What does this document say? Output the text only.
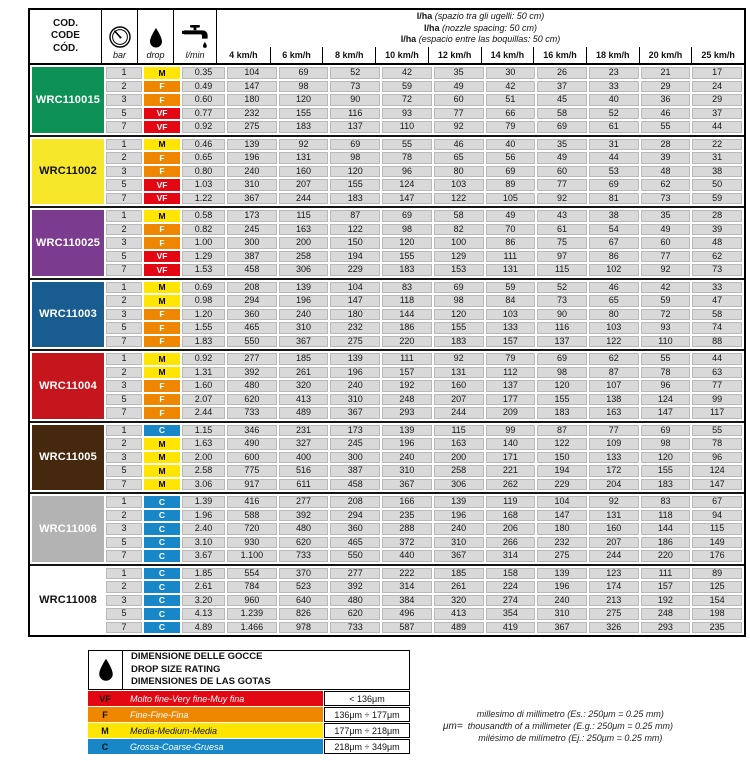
COD.
CODE
CÓD.
bar drop l/min
l/ha (spazio tra gli ugelli: 50 cm)
l/ha (nozzle spacing: 50 cm)
l/ha (espacio entre las boquillas: 50 cm)
4 km/h	6 km/h	8 km/h	10 km/h	12 km/h	14 km/h	16 km/h	18 km/h	20 km/h	25 km/h
WRC110015
1	M	0.35	104	69	52	42	35	30	26	23	21	17
2	F	0.49	147	98	73	59	49	42	37	33	29	24
3	F	0.60	180	120	90	72	60	51	45	40	36	29
5	VF	0.77	232	155	116	93	77	66	58	52	46	37
7	VF	0.92	275	183	137	110	92	79	69	61	55	44
WRC11002
1	M	0.46	139	92	69	55	46	40	35	31	28	22
2	F	0.65	196	131	98	78	65	56	49	44	39	31
3	F	0.80	240	160	120	96	80	69	60	53	48	38
5	VF	1.03	310	207	155	124	103	89	77	69	62	50
7	VF	1.22	367	244	183	147	122	105	92	81	73	59
WRC110025
1	M	0.58	173	115	87	69	58	49	43	38	35	28
2	F	0.82	245	163	122	98	82	70	61	54	49	39
3	F	1.00	300	200	150	120	100	86	75	67	60	48
5	VF	1.29	387	258	194	155	129	111	97	86	77	62
7	VF	1.53	458	306	229	183	153	131	115	102	92	73
WRC11003
1	M	0.69	208	139	104	83	69	59	52	46	42	33
2	M	0.98	294	196	147	118	98	84	73	65	59	47
3	F	1.20	360	240	180	144	120	103	90	80	72	58
5	F	1.55	465	310	232	186	155	133	116	103	93	74
7	F	1.83	550	367	275	220	183	157	137	122	110	88
WRC11004
1	M	0.92	277	185	139	111	92	79	69	62	55	44
2	M	1.31	392	261	196	157	131	112	98	87	78	63
3	F	1.60	480	320	240	192	160	137	120	107	96	77
5	F	2.07	620	413	310	248	207	177	155	138	124	99
7	F	2.44	733	489	367	293	244	209	183	163	147	117
WRC11005
1	C	1.15	346	231	173	139	115	99	87	77	69	55
2	M	1.63	490	327	245	196	163	140	122	109	98	78
3	M	2.00	600	400	300	240	200	171	150	133	120	96
5	M	2.58	775	516	387	310	258	221	194	172	155	124
7	M	3.06	917	611	458	367	306	262	229	204	183	147
WRC11006
1	C	1.39	416	277	208	166	139	119	104	92	83	67
2	C	1.96	588	392	294	235	196	168	147	131	118	94
3	C	2.40	720	480	360	288	240	206	180	160	144	115
5	C	3.10	930	620	465	372	310	266	232	207	186	149
7	C	3.67	1.100	733	550	440	367	314	275	244	220	176
WRC11008
1	C	1.85	554	370	277	222	185	158	139	123	111	89
2	C	2.61	784	523	392	314	261	224	196	174	157	125
3	C	3.20	960	640	480	384	320	274	240	213	192	154
5	C	4.13	1.239	826	620	496	413	354	310	275	248	198
7	C	4.89	1.466	978	733	587	489	419	367	326	293	235
DIMENSIONE DELLE GOCCE
DROP SIZE RATING
DIMENSIONES DE LAS GOTAS
VF	Molto fine-Very fine-Muy fina	< 136μm
F	Fine-Fine-Fina	136μm ÷ 177μm
M	Media-Medium-Media	177μm ÷ 218μm
C	Grossa-Coarse-Gruesa	218μm ÷ 349μm
μm=
millesimo di millimetro (Es.: 250μm = 0.25 mm)
thousandth of a millimeter (E.g.: 250μm = 0.25 mm)
milésimo de milímetro (Ej.: 250μm = 0.25 mm)
